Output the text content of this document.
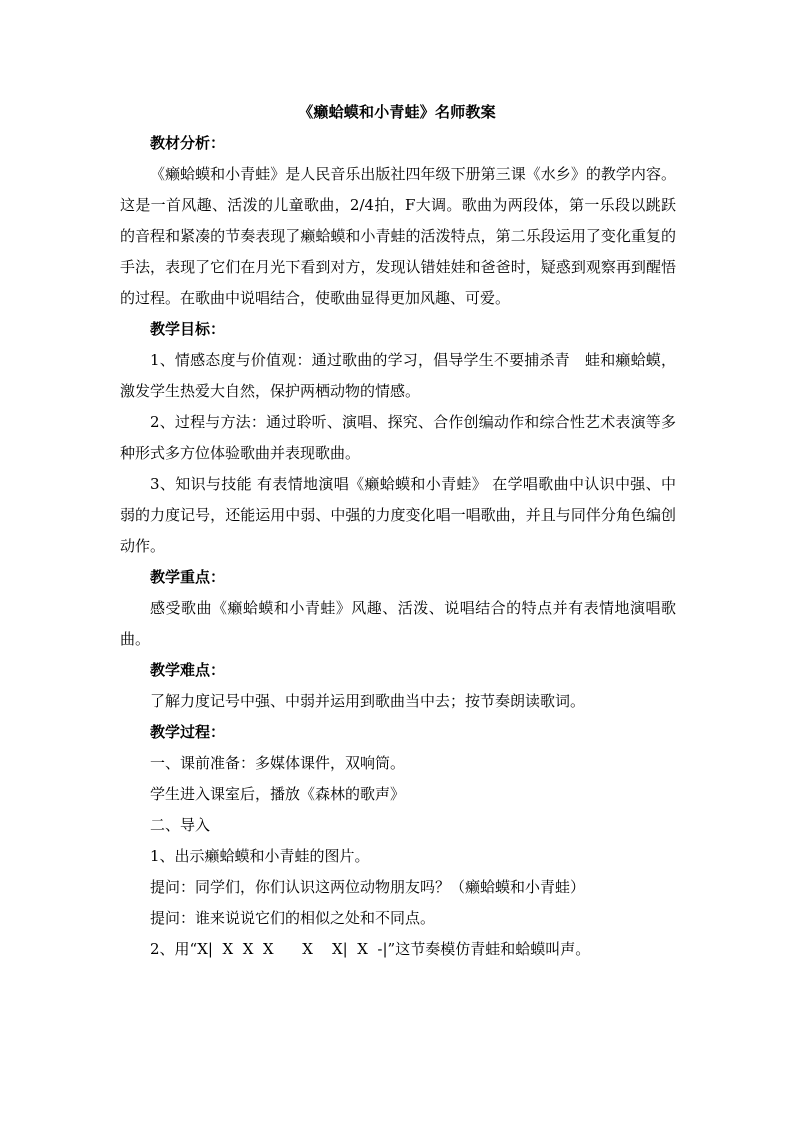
《癞蛤蟆和小青蛙》名师教案

教材分析：

《癞蛤蟆和小青蛙》是人民音乐出版社四年级下册第三课《水乡》的教学内容。这是一首风趣、活泼的儿童歌曲，2/4拍，F大调。歌曲为两段体，第一乐段以跳跃的音程和紧凑的节奏表现了癞蛤蟆和小青蛙的活泼特点，第二乐段运用了变化重复的手法，表现了它们在月光下看到对方，发现认错娃娃和爸爸时，疑惑到观察再到醒悟的过程。在歌曲中说唱结合，使歌曲显得更加风趣、可爱。

教学目标：

1、情感态度与价值观：通过歌曲的学习，倡导学生不要捕杀青　蛙和癞蛤蟆，激发学生热爱大自然，保护两栖动物的情感。

2、过程与方法：通过聆听、演唱、探究、合作创编动作和综合性艺术表演等多种形式多方位体验歌曲并表现歌曲。

3、知识与技能 有表情地演唱《癞蛤蟆和小青蛙》 在学唱歌曲中认识中强、中弱的力度记号，还能运用中弱、中强的力度变化唱一唱歌曲，并且与同伴分角色编创动作。

教学重点：

感受歌曲《癞蛤蟆和小青蛙》风趣、活泼、说唱结合的特点并有表情地演唱歌曲。

教学难点：

了解力度记号中强、中弱并运用到歌曲当中去；按节奏朗读歌词。

教学过程：

一、课前准备：多媒体课件，双响筒。

学生进入课室后，播放《森林的歌声》

二、导入

1、出示癞蛤蟆和小青蛙的图片。

提问：同学们，你们认识这两位动物朋友吗？（癞蛤蟆和小青蛙）

提问：谁来说说它们的相似之处和不同点。

2、用“X|  X  X  X      X    X|  X  -|”这节奏模仿青蛙和蛤蟆叫声。
